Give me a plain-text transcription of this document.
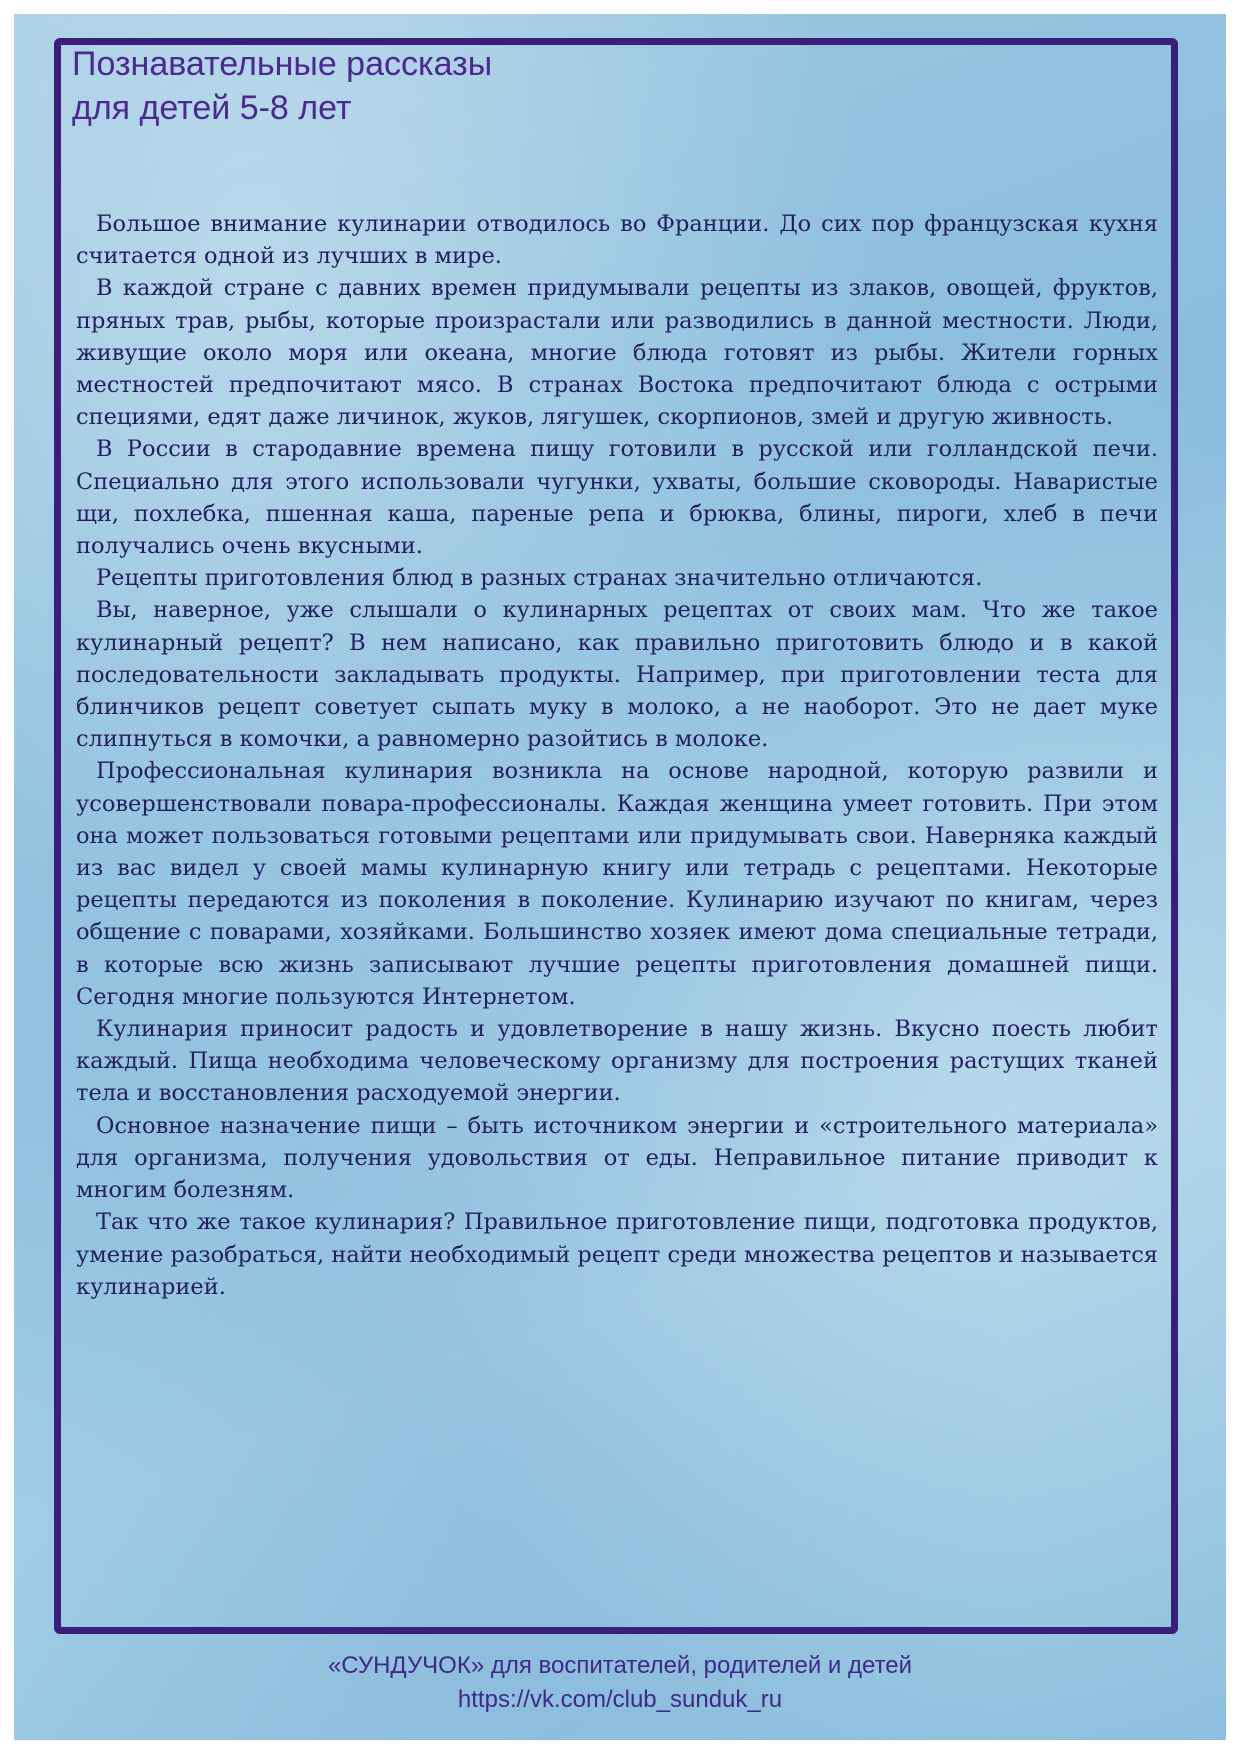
Познавательные рассказы
для детей 5-8 лет

Большое внимание кулинарии отводилось во Франции. До сих пор французская кухня считается одной из лучших в мире.

В каждой стране с давних времен придумывали рецепты из злаков, овощей, фруктов, пряных трав, рыбы, которые произрастали или разводились в данной местности. Люди, живущие около моря или океана, многие блюда готовят из рыбы. Жители горных местностей предпочитают мясо. В странах Востока предпочитают блюда с острыми специями, едят даже личинок, жуков, лягушек, скорпионов, змей и другую живность.

В России в стародавние времена пищу готовили в русской или голландской печи. Специально для этого использовали чугунки, ухваты, большие сковороды. Наваристые щи, похлебка, пшенная каша, пареные репа и брюква, блины, пироги, хлеб в печи получались очень вкусными.

Рецепты приготовления блюд в разных странах значительно отличаются.

Вы, наверное, уже слышали о кулинарных рецептах от своих мам. Что же такое кулинарный рецепт? В нем написано, как правильно приготовить блюдо и в какой последовательности закладывать продукты. Например, при приготовлении теста для блинчиков рецепт советует сыпать муку в молоко, а не наоборот. Это не дает муке слипнуться в комочки, а равномерно разойтись в молоке.

Профессиональная кулинария возникла на основе народной, которую развили и усовершенствовали повара-профессионалы. Каждая женщина умеет готовить. При этом она может пользоваться готовыми рецептами или придумывать свои. Наверняка каждый из вас видел у своей мамы кулинарную книгу или тетрадь с рецептами. Некоторые рецепты передаются из поколения в поколение. Кулинарию изучают по книгам, через общение с поварами, хозяйками. Большинство хозяек имеют дома специальные тетради, в которые всю жизнь записывают лучшие рецепты приготовления домашней пищи. Сегодня многие пользуются Интернетом.

Кулинария приносит радость и удовлетворение в нашу жизнь. Вкусно поесть любит каждый. Пища необходима человеческому организму для построения растущих тканей тела и восстановления расходуемой энергии.

Основное назначение пищи – быть источником энергии и «строительного материала» для организма, получения удовольствия от еды. Неправильное питание приводит к многим болезням.

Так что же такое кулинария? Правильное приготовление пищи, подготовка продуктов, умение разобраться, найти необходимый рецепт среди множества рецептов и называется кулинарией.

«СУНДУЧОК» для воспитателей, родителей и детей

https://vk.com/club_sunduk_ru
